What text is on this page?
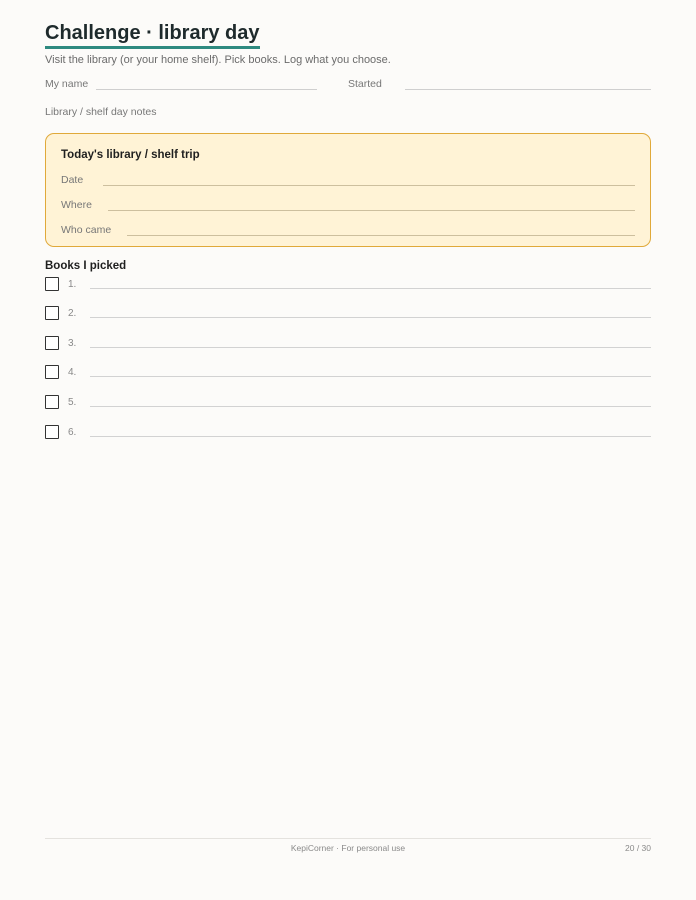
Challenge · library day
Visit the library (or your home shelf). Pick books. Log what you choose.
My name	Started
Library / shelf day notes
Today's library / shelf trip
Date
Where
Who came
Books I picked
1.
2.
3.
4.
5.
6.
KepiCorner · For personal use	20 / 30
